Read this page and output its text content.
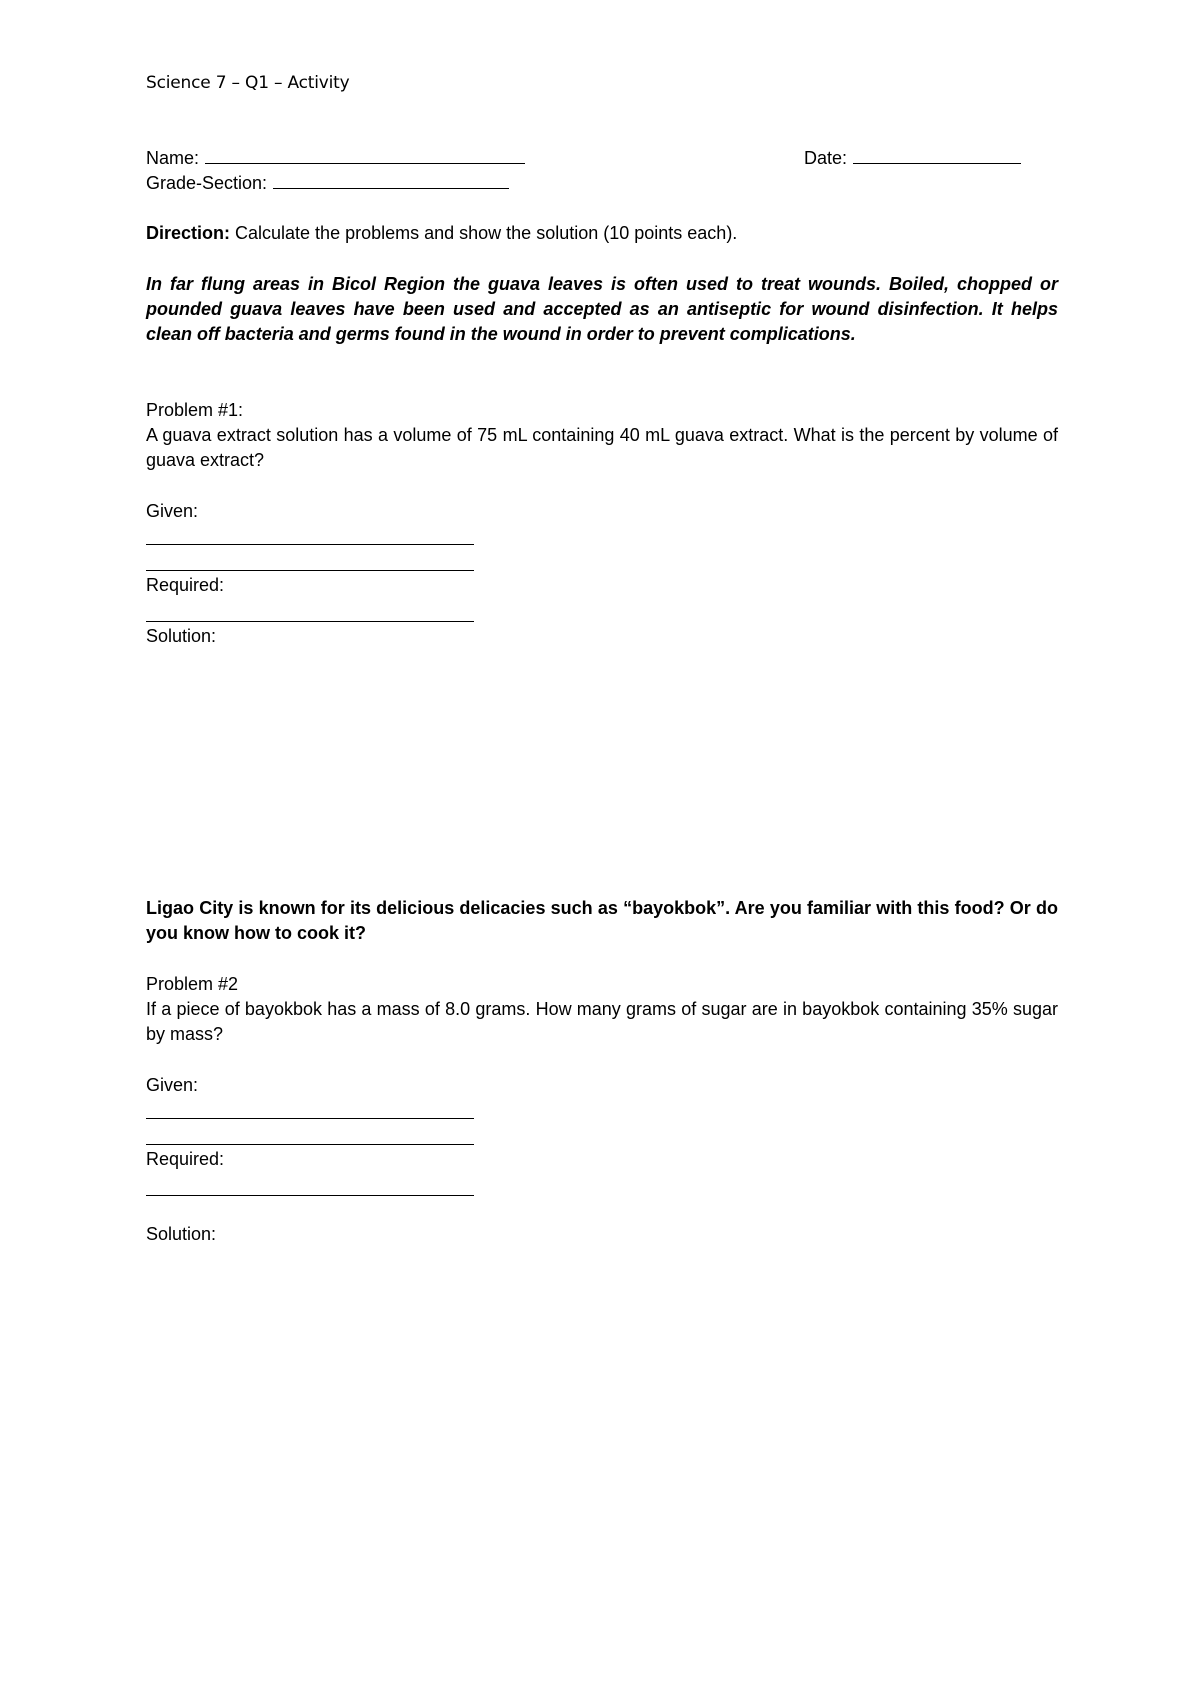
Science 7 – Q1 – Activity
Name:	Date:
Grade-Section:
Direction: Calculate the problems and show the solution (10 points each).
In far flung areas in Bicol Region the guava leaves is often used to treat wounds. Boiled, chopped or pounded guava leaves have been used and accepted as an antiseptic for wound disinfection. It helps clean off bacteria and germs found in the wound in order to prevent complications.
Problem #1:
A guava extract solution has a volume of 75 mL containing 40 mL guava extract. What is the percent by volume of guava extract?
Given:
Required:
Solution:
Ligao City is known for its delicious delicacies such as “bayokbok”. Are you familiar with this food? Or do you know how to cook it?
Problem #2
If a piece of bayokbok has a mass of 8.0 grams. How many grams of sugar are in bayokbok containing 35% sugar by mass?
Given:
Required:
Solution:
